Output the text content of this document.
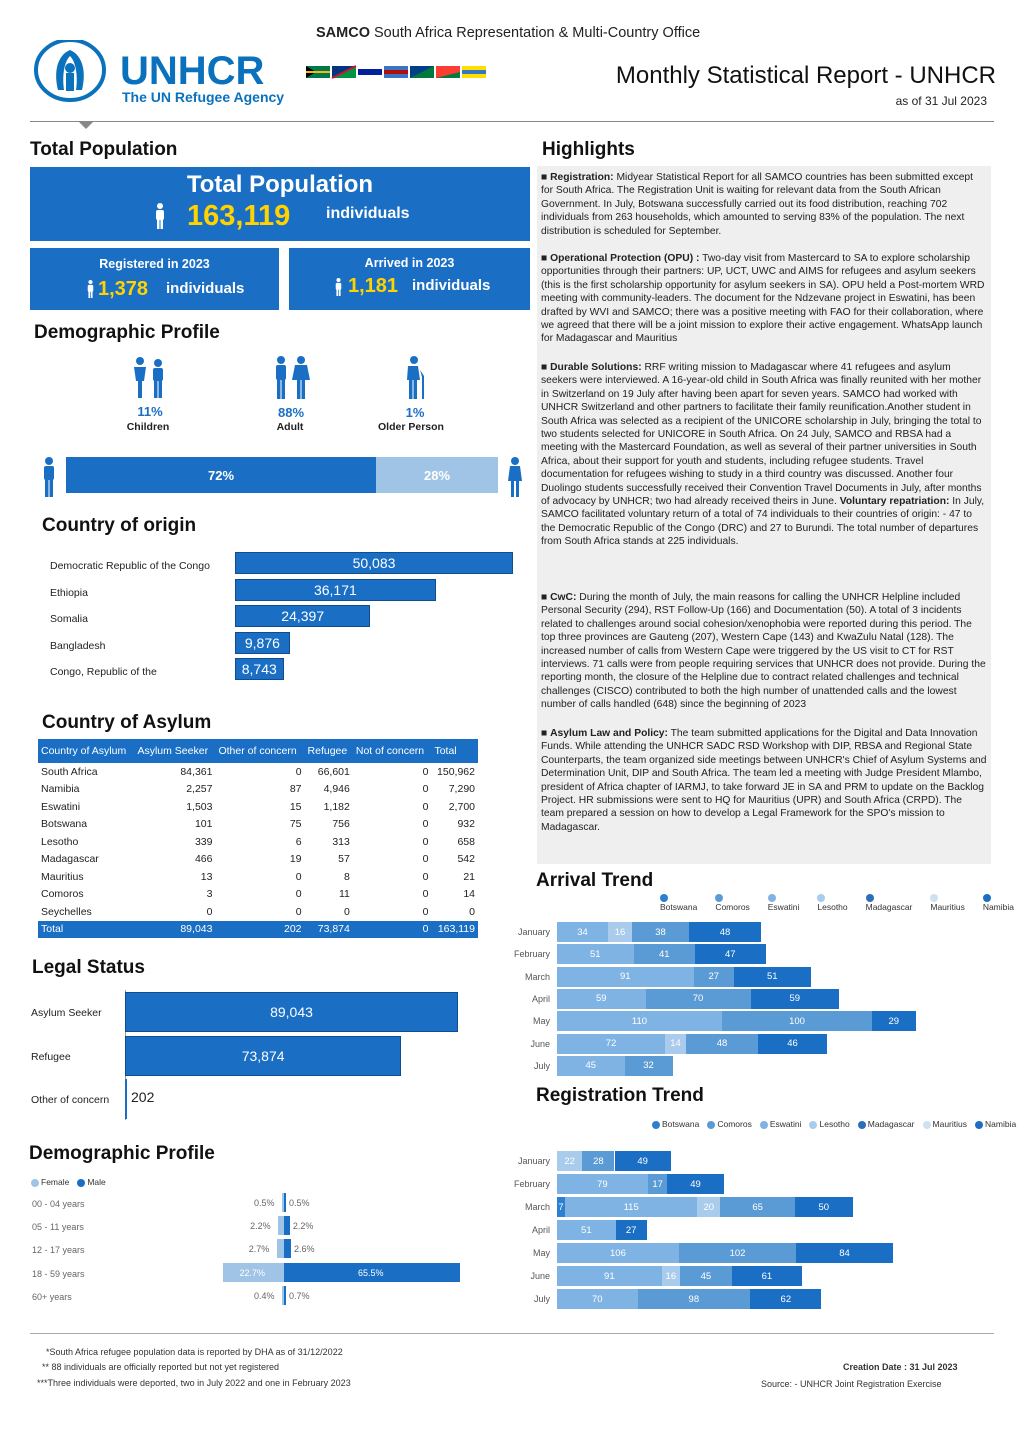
SAMCO South Africa Representation & Multi-Country Office
UNHCR
The UN Refugee Agency
Monthly Statistical Report - UNHCR
as of 31 Jul 2023
Total Population
Total Population
163,119 individuals
Registered in 2023
1,378 individuals
Arrived in 2023
1,181 individuals
Demographic Profile
11%
Children
88%
Adult
1%
Older Person
72%	28%
Country of origin
Democratic Republic of the Congo	50,083
Ethiopia	36,171
Somalia	24,397
Bangladesh	9,876
Congo, Republic of the	8,743
Country of Asylum
Country of Asylum	Asylum Seeker	Other of concern	Refugee	Not of concern	Total
South Africa	84,361	0	66,601	0	150,962
Namibia	2,257	87	4,946	0	7,290
Eswatini	1,503	15	1,182	0	2,700
Botswana	101	75	756	0	932
Lesotho	339	6	313	0	658
Madagascar	466	19	57	0	542
Mauritius	13	0	8	0	21
Comoros	3	0	11	0	14
Seychelles	0	0	0	0	0
Total	89,043	202	73,874	0	163,119
Legal Status
Asylum Seeker	89,043
Refugee	73,874
Other of concern 202
Demographic Profile
Female	Male
00 - 04 years	0.5% 0.5%
05 - 11 years	2.2% 2.2%
12 - 17 years	2.7%	2.6%
18 - 59 years	22.7%	65.5%
60+ years	0.4% 0.7%
Highlights
■ Registration: Midyear Statistical Report for all SAMCO countries has been submitted except for South Africa. The Registration Unit is waiting for relevant data from the South African Government. In July, Botswana successfully carried out its food distribution, reaching 702 individuals from 263 households, which amounted to serving 83% of the population. The next distribution is scheduled for September.
■ Operational Protection (OPU) : Two-day visit from Mastercard to SA to explore scholarship opportunities through their partners: UP, UCT, UWC and AIMS for refugees and asylum seekers (this is the first scholarship opportunity for asylum seekers in SA). OPU held a Post-mortem WRD meeting with community-leaders. The document for the Ndzevane project in Eswatini, has been drafted by WVI and SAMCO; there was a positive meeting with FAO for their collaboration, where we agreed that there will be a joint mission to explore their active engagement. WhatsApp launch for Madagascar and Mauritius
■ Durable Solutions: RRF writing mission to Madagascar where 41 refugees and asylum seekers were interviewed. A 16-year-old child in South Africa was finally reunited with her mother in Switzerland on 19 July after having been apart for seven years. SAMCO had worked with UNHCR Switzerland and other partners to facilitate their family reunification.Another student in South Africa was selected as a recipient of the UNICORE scholarship in July, bringing the total to two students selected for UNICORE in South Africa. On 24 July, SAMCO and RBSA had a meeting with the Mastercard Foundation, as well as several of their partner universities in South Africa, about their support for youth and students, including refugee students. Travel documentation for refugees wishing to study in a third country was discussed. Another four Duolingo students successfully received their Convention Travel Documents in July, after months of advocacy by UNHCR; two had already received theirs in June. Voluntary repatriation: In July, SAMCO facilitated voluntary return of a total of 74 individuals to their countries of origin: - 47 to the Democratic Republic of the Congo (DRC) and 27 to Burundi. The total number of departures from South Africa stands at 225 individuals.
■ CwC: During the month of July, the main reasons for calling the UNHCR Helpline included Personal Security (294), RST Follow-Up (166) and Documentation (50). A total of 3 incidents related to challenges around social cohesion/xenophobia were reported during this period. The top three provinces are Gauteng (207), Western Cape (143) and KwaZulu Natal (128). The increased number of calls from Western Cape were triggered by the US visit to CT for RST interviews. 71 calls were from people requiring services that UNHCR does not provide. During the reporting month, the closure of the Helpline due to contract related challenges and technical challenges (CISCO) contributed to both the high number of unattended calls and the lowest number of calls handled (648) since the beginning of 2023
■ Asylum Law and Policy: The team submitted applications for the Digital and Data Innovation Funds. While attending the UNHCR SADC RSD Workshop with DIP, RBSA and Regional State Counterparts, the team organized side meetings between UNHCR's Chief of Asylum Systems and Determination Unit, DIP and South Africa. The team led a meeting with Judge President Mlambo, president of Africa chapter of IARMJ, to take forward JE in SA and PRM to update on the Backlog Project. HR submissions were sent to HQ for Mauritius (UPR) and South Africa (CRPD). The team prepared a session on how to develop a Legal Framework for the SPO's mission to Madagascar.
Arrival Trend
Botswana	Comoros	Eswatini	Lesotho	Madagascar	Mauritius	Namibia
January	34	16	38	48
February	51	41	47
March	91	27	51
April	59	70	59
May	110	100	29
June	72	14	48	46
July	45	32
Registration Trend
Botswana	Comoros	Eswatini	Lesotho	Madagascar	Mauritius	Namibia
January	22	28	49
February	79	17	49
March 7	115	20	65	50
April	51	27
May	106	102	84
June	91	16	45	61
July	70	98	62
*South Africa refugee population data is reported by DHA as of 31/12/2022
** 88 individuals are officially reported but not yet registered
***Three individuals were deported, two in July 2022 and one in February 2023
Creation Date : 31 Jul 2023
Source: - UNHCR Joint Registration Exercise
